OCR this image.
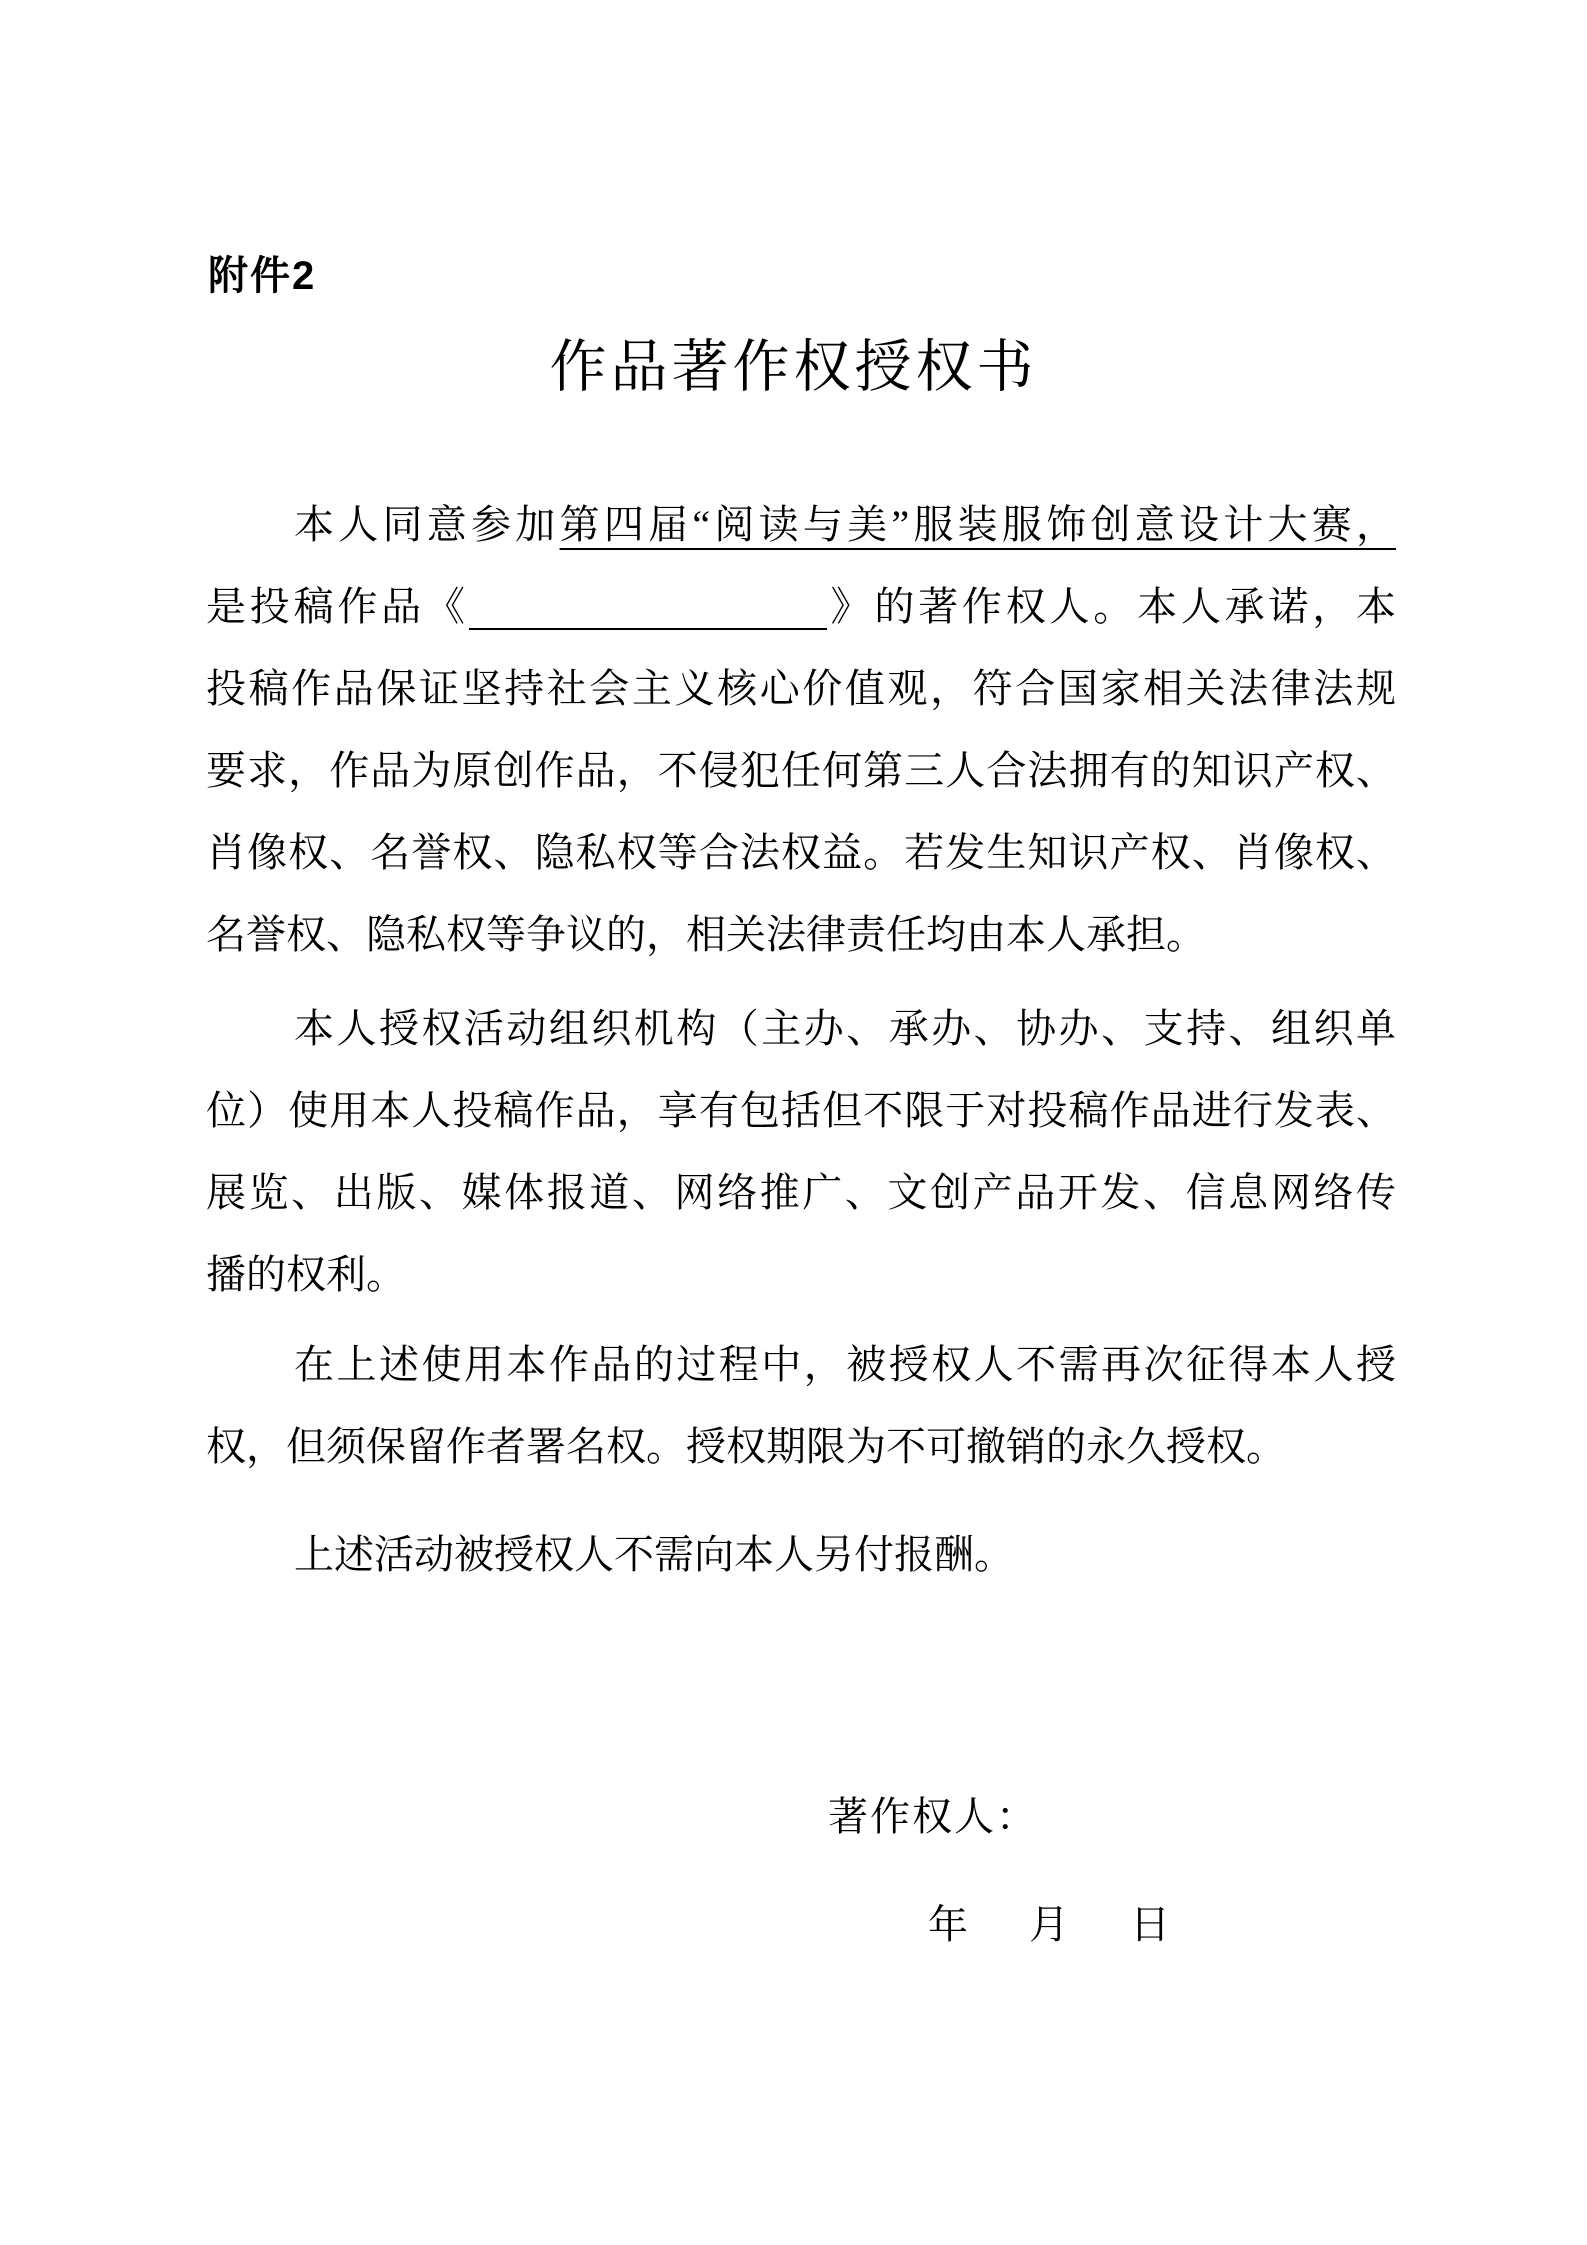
附件2
作品著作权授权书
本人同意参加第四届“阅读与美”服装服饰创意设计大赛，
是投稿作品《	》的著作权人。本人承诺，本
投稿作品保证坚持社会主义核心价值观，符合国家相关法律法规
要求，作品为原创作品，不侵犯任何第三人合法拥有的知识产权、
肖像权、名誉权、隐私权等合法权益。若发生知识产权、肖像权、
名誉权、隐私权等争议的，相关法律责任均由本人承担。
本人授权活动组织机构（主办、承办、协办、支持、组织单
位）使用本人投稿作品，享有包括但不限于对投稿作品进行发表、
展览、出版、媒体报道、网络推广、文创产品开发、信息网络传
播的权利。
在上述使用本作品的过程中，被授权人不需再次征得本人授
权，但须保留作者署名权。授权期限为不可撤销的永久授权。
上述活动被授权人不需向本人另付报酬。
著作权人：
年 月 日
